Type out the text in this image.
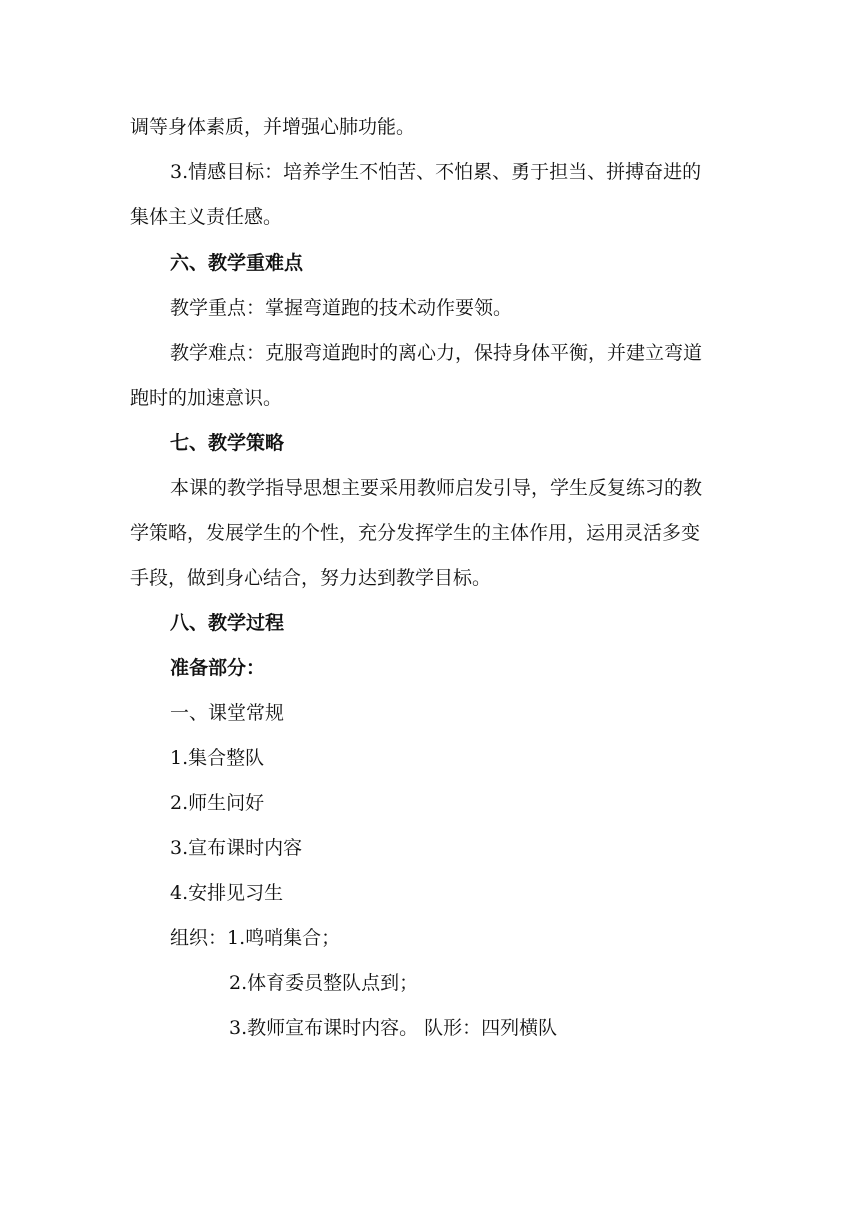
调等身体素质，并增强心肺功能。
3.情感目标：培养学生不怕苦、不怕累、勇于担当、拼搏奋进的
集体主义责任感。
六、教学重难点
教学重点：掌握弯道跑的技术动作要领。
教学难点：克服弯道跑时的离心力，保持身体平衡，并建立弯道
跑时的加速意识。
七、教学策略
本课的教学指导思想主要采用教师启发引导，学生反复练习的教
学策略，发展学生的个性，充分发挥学生的主体作用，运用灵活多变
手段，做到身心结合，努力达到教学目标。
八、教学过程
准备部分：
一、课堂常规
1.集合整队
2.师生问好
3.宣布课时内容
4.安排见习生
组织：1.鸣哨集合；
2.体育委员整队点到；
3.教师宣布课时内容。 队形：四列横队
